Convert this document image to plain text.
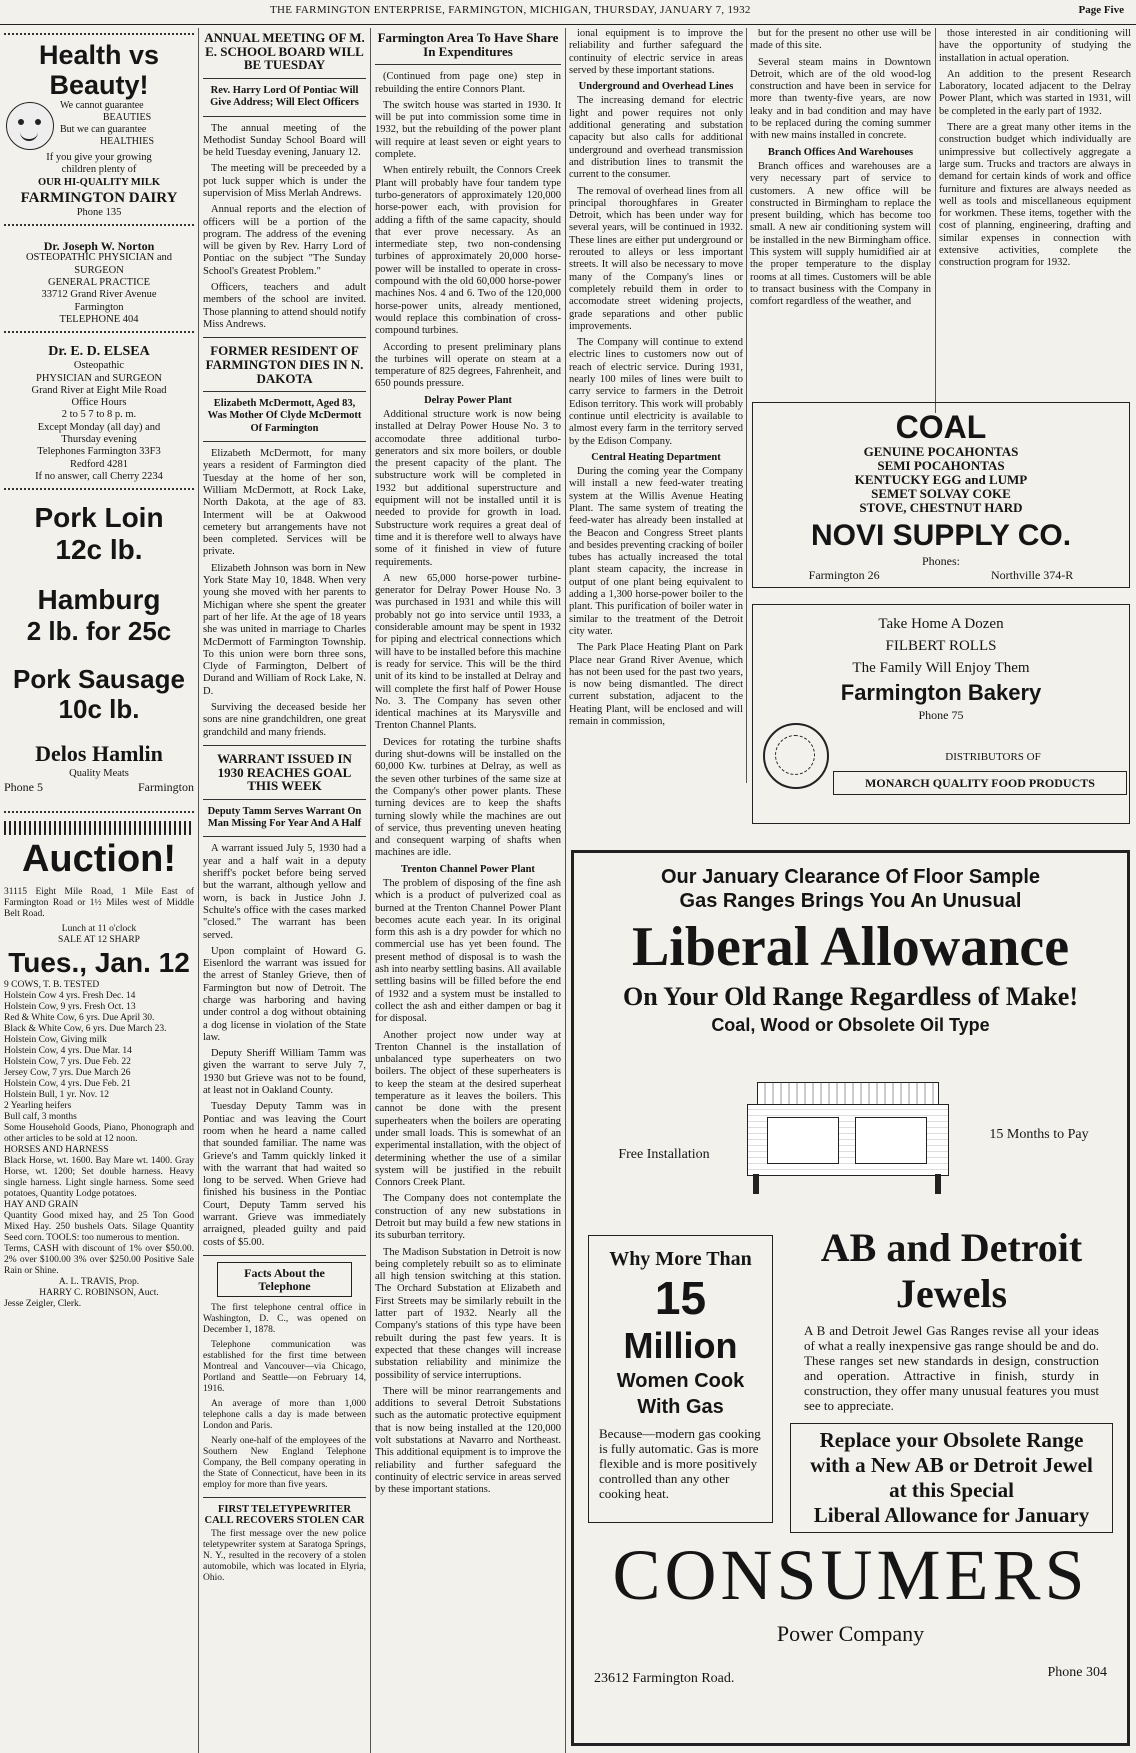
THE FARMINGTON ENTERPRISE, FARMINGTON, MICHIGAN, THURSDAY, JANUARY 7, 1932	Page Five
Health vs Beauty!
We cannot guarantee
BEAUTIES
But we can guarantee
HEALTHIES
If you give your growing
children plenty of
OUR HI-QUALITY MILK
FARMINGTON DAIRY
Phone 135
Dr. Joseph W. Norton
OSTEOPATHIC PHYSICIAN and
SURGEON
GENERAL PRACTICE
33712 Grand River Avenue
Farmington
TELEPHONE 404
Dr. E. D. ELSEA
Osteopathic
PHYSICIAN and SURGEON
Grand River at Eight Mile Road
Office Hours
2 to 5 7 to 8 p. m.
Except Monday (all day) and
Thursday evening
Telephones Farmington 33F3
Redford 4281
If no answer, call Cherry 2234
Pork Loin
12c lb.
Hamburg
2 lb. for 25c
Pork Sausage
10c lb.
Delos Hamlin
Quality Meats
Phone 5	Farmington
Auction!

31115 Eight Mile Road, 1 Mile East of Farmington Road or 1½ Miles west of Middle Belt Road.

Lunch at 11 o'clock
SALE AT 12 SHARP
Tues., Jan. 12
9 COWS, T. B. TESTED
Holstein Cow 4 yrs. Fresh Dec. 14
Holstein Cow, 9 yrs. Fresh Oct. 13
Red & White Cow, 6 yrs. Due April 30.
Black & White Cow, 6 yrs. Due March 23.
Holstein Cow, Giving milk
Holstein Cow, 4 yrs. Due Mar. 14
Holstein Cow, 7 yrs. Due Feb. 22
Jersey Cow, 7 yrs. Due March 26
Holstein Cow, 4 yrs. Due Feb. 21
Holstein Bull, 1 yr. Nov. 12
2 Yearling heifers
Bull calf, 3 months
Some Household Goods, Piano, Phonograph and other articles to be sold at 12 noon.
HORSES AND HARNESS
Black Horse, wt. 1600. Bay Mare wt. 1400. Gray Horse, wt. 1200; Set double harness. Heavy single harness. Light single harness. Some seed potatoes, Quantity Lodge potatoes.
HAY AND GRAIN
Quantity Good mixed hay, and 25 Ton Good Mixed Hay. 250 bushels Oats. Silage Quantity Seed corn. TOOLS: too numerous to mention.
Terms, CASH with discount of 1% over $50.00. 2% over $100.00 3% over $250.00 Positive Sale Rain or Shine.
A. L. TRAVIS, Prop.
HARRY C. ROBINSON, Auct.
Jesse Zeigler, Clerk.
ANNUAL MEETING OF M. E. SCHOOL BOARD WILL BE TUESDAY
Rev. Harry Lord Of Pontiac Will Give Address; Will Elect Officers

The annual meeting of the Methodist Sunday School Board will be held Tuesday evening, January 12.

The meeting will be preceeded by a pot luck supper which is under the supervision of Miss Merlah Andrews.

Annual reports and the election of officers will be a portion of the program. The address of the evening will be given by Rev. Harry Lord of Pontiac on the subject "The Sunday School's Greatest Problem."

Officers, teachers and adult members of the school are invited. Those planning to attend should notify Miss Andrews.

FORMER RESIDENT OF FARMINGTON DIES IN N. DAKOTA
Elizabeth McDermott, Aged 83, Was Mother Of Clyde McDermott Of Farmington

Elizabeth McDermott, for many years a resident of Farmington died Tuesday at the home of her son, William McDermott, at Rock Lake, North Dakota, at the age of 83. Interment will be at Oakwood cemetery but arrangements have not been completed. Services will be private.

Elizabeth Johnson was born in New York State May 10, 1848. When very young she moved with her parents to Michigan where she spent the greater part of her life. At the age of 18 years she was united in marriage to Charles McDermott of Farmington Township. To this union were born three sons, Clyde of Farmington, Delbert of Durand and William of Rock Lake, N. D.

Surviving the deceased beside her sons are nine grandchildren, one great grandchild and many friends.

WARRANT ISSUED IN 1930 REACHES GOAL THIS WEEK
Deputy Tamm Serves Warrant On Man Missing For Year And A Half

A warrant issued July 5, 1930 had a year and a half wait in a deputy sheriff's pocket before being served but the warrant, although yellow and worn, is back in Justice John J. Schulte's office with the cases marked "closed." The warrant has been served.

Upon complaint of Howard G. Eisenlord the warrant was issued for the arrest of Stanley Grieve, then of Farmington but now of Detroit. The charge was harboring and having under control a dog without obtaining a dog license in violation of the State law.

Deputy Sheriff William Tamm was given the warrant to serve July 7, 1930 but Grieve was not to be found, at least not in Oakland County.

Tuesday Deputy Tamm was in Pontiac and was leaving the Court room when he heard a name called that sounded familiar. The name was Grieve's and Tamm quickly linked it with the warrant that had waited so long to be served. When Grieve had finished his business in the Pontiac Court, Deputy Tamm served his warrant. Grieve was immediately arraigned, pleaded guilty and paid costs of $5.00.

Facts About the Telephone

The first telephone central office in Washington, D. C., was opened on December 1, 1878.

Telephone communication was established for the first time between Montreal and Vancouver—via Chicago, Portland and Seattle—on February 14, 1916.

An average of more than 1,000 telephone calls a day is made between London and Paris.

Nearly one-half of the employees of the Southern New England Telephone Company, the Bell company operating in the State of Connecticut, have been in its employ for more than five years.

FIRST TELETYPEWRITER CALL RECOVERS STOLEN CAR

The first message over the new police teletypewriter system at Saratoga Springs, N. Y., resulted in the recovery of a stolen automobile, which was located in Elyria, Ohio.

Farmington Area To Have Share In Expenditures

(Continued from page one) step in rebuilding the entire Connors Plant.

The switch house was started in 1930. It will be put into commission some time in 1932, but the rebuilding of the power plant will require at least seven or eight years to complete.

When entirely rebuilt, the Connors Creek Plant will probably have four tandem type turbo-generators of approximately 120,000 horse-power each, with provision for adding a fifth of the same capacity, should that ever prove necessary. As an intermediate step, two non-condensing turbines of approximately 20,000 horse-power will be installed to operate in cross-compound with the old 60,000 horse-power machines Nos. 4 and 6. Two of the 120,000 horse-power units, already mentioned, would replace this combination of cross-compound turbines.

According to present preliminary plans the turbines will operate on steam at a temperature of 825 degrees, Fahrenheit, and 650 pounds pressure.

Delray Power Plant

Additional structure work is now being installed at Delray Power House No. 3 to accomodate three additional turbo-generators and six more boilers, or double the present capacity of the plant. The substructure work will be completed in 1932 but additional superstructure and equipment will not be installed until it is needed to provide for growth in load. Substructure work requires a great deal of time and it is therefore well to always have some of it finished in view of future requirements.

A new 65,000 horse-power turbine-generator for Delray Power House No. 3 was purchased in 1931 and while this will probably not go into service until 1933, a considerable amount may be spent in 1932 for piping and electrical connections which will have to be installed before this machine is ready for service. This will be the third unit of its kind to be installed at Delray and will complete the first half of Power House No. 3. The Company has seven other identical machines at its Marysville and Trenton Channel Plants.

Devices for rotating the turbine shafts during shut-downs will be installed on the 60,000 Kw. turbines at Delray, as well as the seven other turbines of the same size at the Company's other power plants. These turning devices are to keep the shafts turning slowly while the machines are out of service, thus preventing uneven heating and consequent warping of shafts when machines are idle.

Trenton Channel Power Plant

The problem of disposing of the fine ash which is a product of pulverized coal as burned at the Trenton Channel Power Plant becomes acute each year. In its original form this ash is a dry powder for which no commercial use has yet been found. The present method of disposal is to wash the ash into nearby settling basins. All available settling basins will be filled before the end of 1932 and a system must be installed to collect the ash and either dampen or bag it for disposal.

Another project now under way at Trenton Channel is the installation of unbalanced type superheaters on two boilers. The object of these superheaters is to keep the steam at the desired superheat temperature as it leaves the boilers. This cannot be done with the present superheaters when the boilers are operating under small loads. This is somewhat of an experimental installation, with the object of determining whether the use of a similar system will be justified in the rebuilt Connors Creek Plant.

The Company does not contemplate the construction of any new substations in Detroit but may build a few new stations in its suburban territory.

The Madison Substation in Detroit is now being completely rebuilt so as to eliminate all high tension switching at this station. The Orchard Substation at Elizabeth and First Streets may be similarly rebuilt in the latter part of 1932. Nearly all the Company's stations of this type have been rebuilt during the past few years. It is expected that these changes will increase substation reliability and minimize the possibility of service interruptions.

There will be minor rearrangements and additions to several Detroit Substations such as the automatic protective equipment that is now being installed at the 120,000 volt substations at Navarro and Northeast. This additional equipment is to improve the reliability and further safeguard the continuity of electric service in areas served by these important stations.

ional equipment is to improve the reliability and further safeguard the continuity of electric service in areas served by these important stations.

Underground and Overhead Lines

The increasing demand for electric light and power requires not only additional generating and substation capacity but also calls for additional underground and overhead transmission and distribution lines to transmit the current to the consumer.

The removal of overhead lines from all principal thoroughfares in Greater Detroit, which has been under way for several years, will be continued in 1932. These lines are either put underground or rerouted to alleys or less important streets. It will also be necessary to move many of the Company's lines or completely rebuild them in order to accomodate street widening projects, grade separations and other public improvements.

The Company will continue to extend electric lines to customers now out of reach of electric service. During 1931, nearly 100 miles of lines were built to carry service to farmers in the Detroit Edison territory. This work will probably continue until electricity is available to almost every farm in the territory served by the Edison Company.

Central Heating Department

During the coming year the Company will install a new feed-water treating system at the Willis Avenue Heating Plant. The same system of treating the feed-water has already been installed at the Beacon and Congress Street plants and besides preventing cracking of boiler tubes has actually increased the total plant steam capacity, the increase in output of one plant being equivalent to adding a 1,300 horse-power boiler to the plant. This purification of boiler water in similar to the treatment of the Detroit city water.

The Park Place Heating Plant on Park Place near Grand River Avenue, which has not been used for the past two years, is now being dismantled. The direct current substation, adjacent to the Heating Plant, will be enclosed and will remain in commission,

but for the present no other use will be made of this site.

Several steam mains in Downtown Detroit, which are of the old wood-log construction and have been in service for more than twenty-five years, are now leaky and in bad condition and may have to be replaced during the coming summer with new mains installed in concrete.

Branch Offices And Warehouses

Branch offices and warehouses are a very necessary part of service to customers. A new office will be constructed in Birmingham to replace the present building, which has become too small. A new air conditioning system will be installed in the new Birmingham office. This system will supply humidified air at the proper temperature to the display rooms at all times. Customers will be able to transact business with the Company in comfort regardless of the weather, and

those interested in air conditioning will have the opportunity of studying the installation in actual operation.

An addition to the present Research Laboratory, located adjacent to the Delray Power Plant, which was started in 1931, will be completed in the early part of 1932.

There are a great many other items in the construction budget which individually are unimpressive but collectively aggregate a large sum. Trucks and tractors are always in demand for certain kinds of work and office furniture and fixtures are always needed as well as tools and miscellaneous equipment for workmen. These items, together with the cost of planning, engineering, drafting and similar expenses in connection with extensive activities, complete the construction program for 1932.

COAL
GENUINE POCAHONTAS
SEMI POCAHONTAS
KENTUCKY EGG and LUMP
SEMET SOLVAY COKE
STOVE, CHESTNUT HARD
NOVI SUPPLY CO.
Phones:
Farmington 26	Northville 374-R
Take Home A Dozen
FILBERT ROLLS
The Family Will Enjoy Them
Farmington Bakery
Phone 75
DISTRIBUTORS OF
MONARCH QUALITY FOOD PRODUCTS
Our January Clearance Of Floor Sample
Gas Ranges Brings You An Unusual
Liberal Allowance
On Your Old Range Regardless of Make!
Coal, Wood or Obsolete Oil Type
Free Installation
15 Months to Pay
Why More Than
15
Million
Women Cook
With Gas
Because—modern gas cooking is fully automatic. Gas is more flexible and is more positively controlled than any other cooking heat.
AB and Detroit
Jewels
A B and Detroit Jewel Gas Ranges revise all your ideas of what a really inexpensive gas range should be and do. These ranges set new standards in design, construction and operation. Attractive in finish, sturdy in construction, they offer many unusual features you must see to appreciate.
Replace your Obsolete Range
with a New AB or Detroit Jewel
at this Special
Liberal Allowance for January
CONSUMERS
Power Company
23612 Farmington Road.	Phone 304
